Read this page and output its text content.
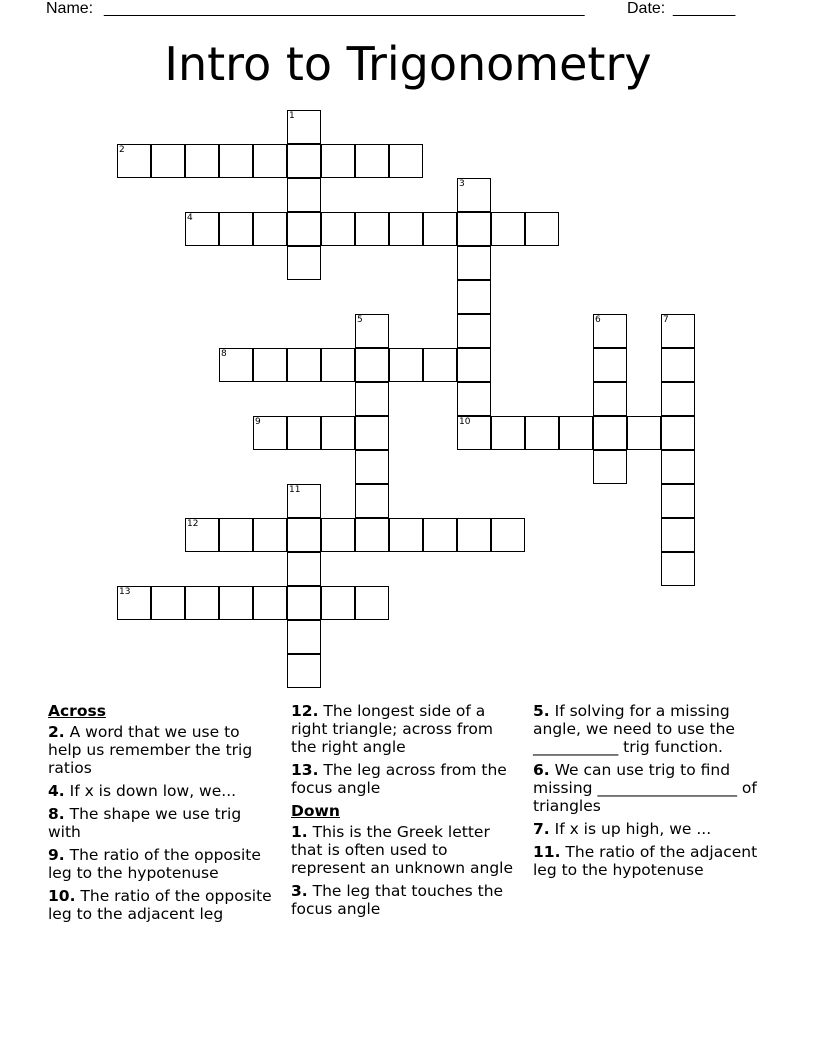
Name: ______________________________________________________	Date: _______
Intro to Trigonometry
2
3
4
5	6	7
8
9	10
11
12
13
1
Across
2. A word that we use to help us remember the trig ratios
4. If x is down low, we...
8. The shape we use trig with
9. The ratio of the opposite leg to the hypotenuse
10. The ratio of the opposite leg to the adjacent leg
12. The longest side of a right triangle; across from the right angle
13. The leg across from the focus angle
Down
1. This is the Greek letter that is often used to represent an unknown angle
3. The leg that touches the focus angle
5. If solving for a missing angle, we need to use the ___________ trig function.
6. We can use trig to find missing __________________ of triangles
7. If x is up high, we ...
11. The ratio of the adjacent leg to the hypotenuse
